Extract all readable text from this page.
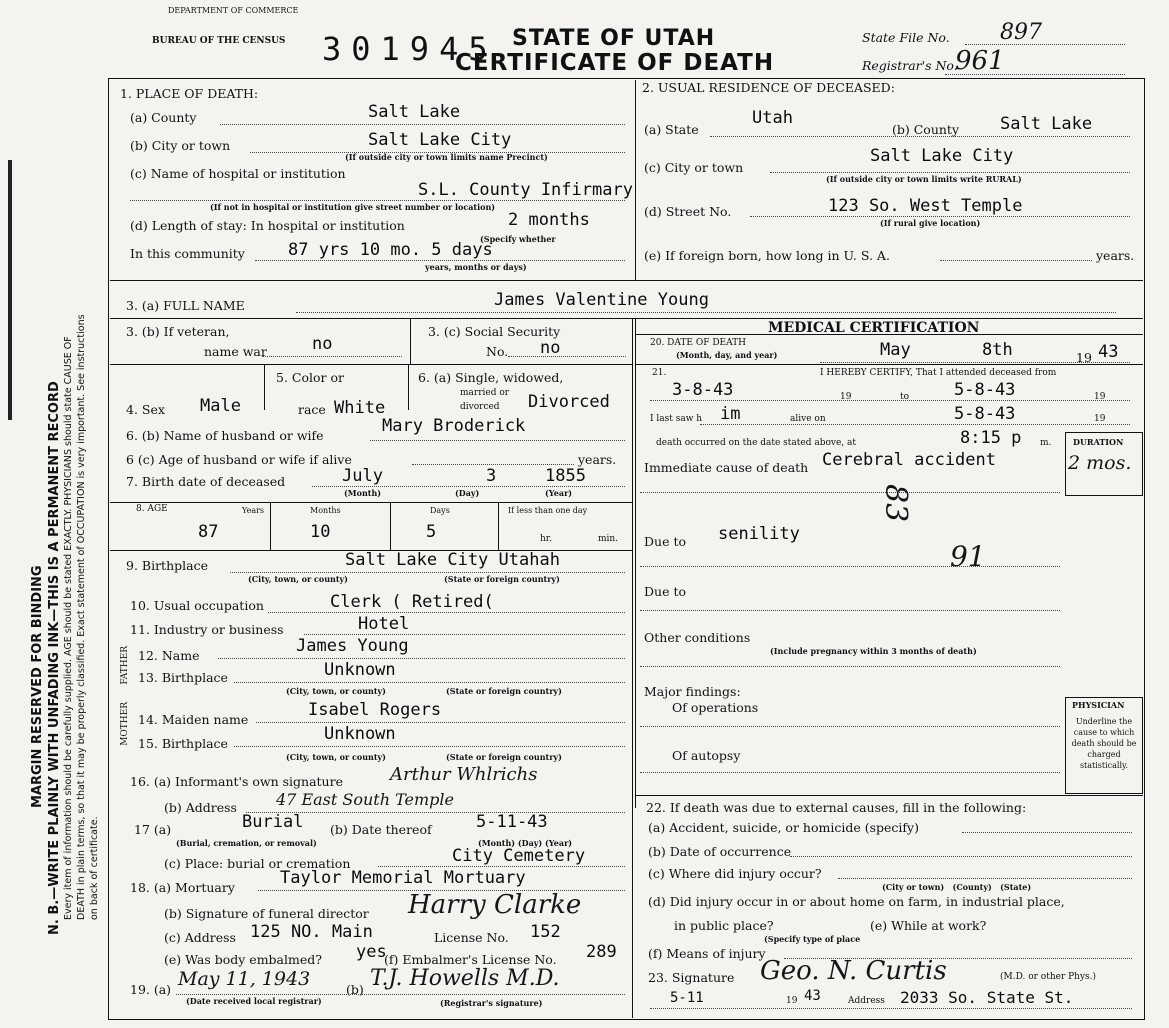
MARGIN RESERVED FOR BINDING N. B.—WRITE PLAINLY WITH UNFADING INK—THIS IS A PERMANENT RECORD Every item of information should be carefully supplied. AGE should be stated EXACTLY. PHYSICIANS should state CAUSE OF DEATH in plain terms, so that it may be properly classified. Exact statement of OCCUPATION is very important. See instructions on back of certificate.
DEPARTMENT OF COMMERCE
BUREAU OF THE CENSUS 301945 STATE OF UTAH
CERTIFICATE OF DEATH
State File No. 897
Registrar's No.
961
1. PLACE OF DEATH:
(a) County	Salt Lake
(b) City or town	Salt Lake City
(If outside city or town limits name Precinct)
(c) Name of hospital or institution
S.L. County Infirmary
(If not in hospital or institution give street number or location)
(d) Length of stay: In hospital or institution	2 months
(Specify whether
In this community	87 yrs 10 mo. 5 days
years, months or days)
2. USUAL RESIDENCE OF DECEASED:
(a) State
Utah
(b) County Salt Lake
(c) City or town
Salt Lake City
(If outside city or town limits write RURAL)
(d) Street No.	123 So. West Temple
(If rural give location)
(e) If foreign born, how long in U. S. A.	years.
3. (a) FULL NAME	James Valentine Young
3. (b) If veteran,
name war	no
3. (c) Social Security
No. no
4. Sex Male
5. Color or
race White
6. (a) Single, widowed,
married or
divorced Divorced
6. (b) Name of husband or wife	Mary Broderick
6 (c) Age of husband or wife if alive	years.
7. Birth date of deceased	July	3	1855
(Month)	(Day)	(Year)
8. AGE	Years	Months	Days	If less than one day
87	10	5	hr.	min.
9. Birthplace	Salt Lake City Utahah
(City, town, or county)	(State or foreign country)
10. Usual occupation	Clerk ( Retired(
11. Industry or business	Hotel
FATHER
MOTHER
12. Name	James Young
13. Birthplace	Unknown
(City, town, or county)	(State or foreign country)
14. Maiden name	Isabel Rogers
15. Birthplace	Unknown
(City, town, or county)	(State or foreign country)
16. (a) Informant's own signature	Arthur Whlrichs
(b) Address 47 East South Temple
17 (a)	Burial (b) Date thereof	5-11-43
(Burial, cremation, or removal)	(Month) (Day) (Year)
(c) Place: burial or cremation	City Cemetery
18. (a) Mortuary	Taylor Memorial Mortuary
(b) Signature of funeral director Harry Clarke
(c) Address 125 NO. Main	License No. 152
(e) Was body embalmed? yes
(f) Embalmer's License No. 289
19. (a) May 11, 1943	(b) T.J. Howells M.D.
(Date received local registrar)	(Registrar's signature)
MEDICAL CERTIFICATION
20. DATE OF DEATH
(Month, day, and year)	May	8th	19 43
21.	I HEREBY CERTIFY, That I attended deceased from
3-8-43	19	to	5-8-43	19
I last saw h im	alive on	5-8-43	19
death occurred on the date stated above, at	8:15 p m.	DURATION
2 mos.
Immediate cause of death Cerebral accident
83
Due to senility
91
Due to
Other conditions
(Include pregnancy within 3 months of death)
Major findings:
Of operations
Of autopsy
PHYSICIAN
Underline the cause to which death should be charged statistically.
22. If death was due to external causes, fill in the following:
(a) Accident, suicide, or homicide (specify)
(b) Date of occurrence
(c) Where did injury occur?
(City or town)   (County)   (State)
(d) Did injury occur in or about home on farm, in industrial place,
in public place?	(e) While at work?
(Specify type of place
(f) Means of injury
23. Signature Geo. N. Curtis	(M.D. or other Phys.)
5-11	19 43	Address 2033 So. State St.
